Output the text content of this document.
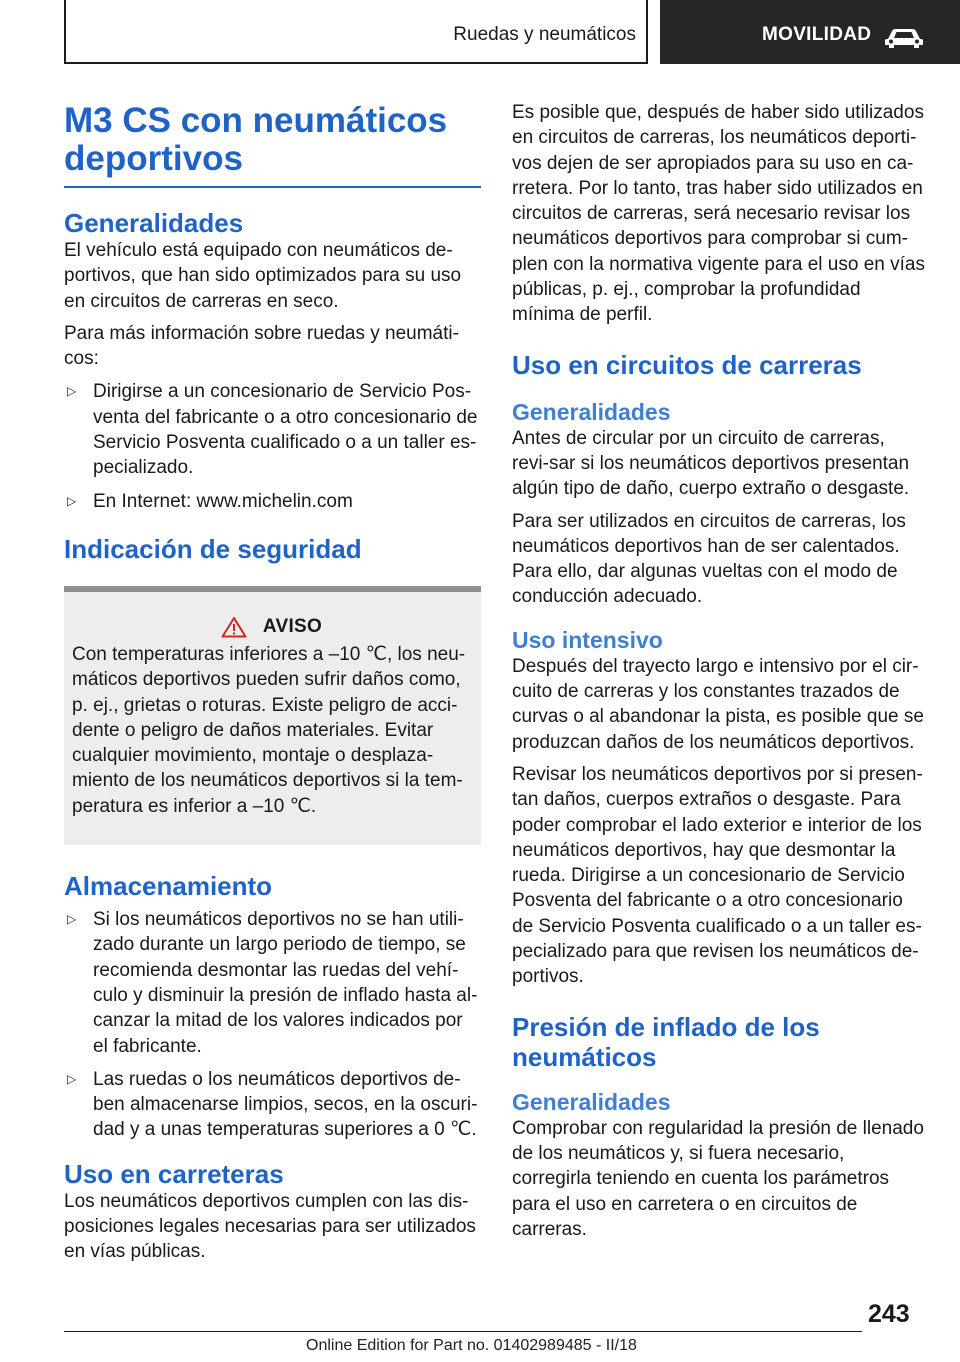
Ruedas y neumáticos	MOVILIDAD
M3 CS con neumáticos
deportivos
Generalidades

El vehículo está equipado con neumáticos de-portivos, que han sido optimizados para su uso en circuitos de carreras en seco.

Para más información sobre ruedas y neumáti-cos:

▷ Dirigirse a un concesionario de Servicio Pos-venta del fabricante o a otro concesionario de Servicio Posventa cualificado o a un taller es-pecializado.
▷ En Internet: www.michelin.com
Indicación de seguridad
AVISO

Con temperaturas inferiores a –10 ℃, los neu-máticos deportivos pueden sufrir daños como, p. ej., grietas o roturas. Existe peligro de acci-dente o peligro de daños materiales. Evitar cualquier movimiento, montaje o desplaza-miento de los neumáticos deportivos si la tem-peratura es inferior a –10 ℃.

Almacenamiento
▷ Si los neumáticos deportivos no se han utili-zado durante un largo periodo de tiempo, se recomienda desmontar las ruedas del vehí-culo y disminuir la presión de inflado hasta al-canzar la mitad de los valores indicados por el fabricante.
▷ Las ruedas o los neumáticos deportivos de-ben almacenarse limpios, secos, en la oscuri-dad y a unas temperaturas superiores a 0 ℃.
Uso en carreteras

Los neumáticos deportivos cumplen con las dis-posiciones legales necesarias para ser utilizados en vías públicas.

Es posible que, después de haber sido utilizados en circuitos de carreras, los neumáticos deporti-vos dejen de ser apropiados para su uso en ca-rretera. Por lo tanto, tras haber sido utilizados en circuitos de carreras, será necesario revisar los neumáticos deportivos para comprobar si cum-plen con la normativa vigente para el uso en vías públicas, p. ej., comprobar la profundidad mínima de perfil.

Uso en circuitos de carreras
Generalidades

Antes de circular por un circuito de carreras, revi-sar si los neumáticos deportivos presentan algún tipo de daño, cuerpo extraño o desgaste.

Para ser utilizados en circuitos de carreras, los neumáticos deportivos han de ser calentados. Para ello, dar algunas vueltas con el modo de conducción adecuado.

Uso intensivo

Después del trayecto largo e intensivo por el cir-cuito de carreras y los constantes trazados de curvas o al abandonar la pista, es posible que se produzcan daños de los neumáticos deportivos.

Revisar los neumáticos deportivos por si presen-tan daños, cuerpos extraños o desgaste. Para poder comprobar el lado exterior e interior de los neumáticos deportivos, hay que desmontar la rueda. Dirigirse a un concesionario de Servicio Posventa del fabricante o a otro concesionario de Servicio Posventa cualificado o a un taller es-pecializado para que revisen los neumáticos de-portivos.

Presión de inflado de los
neumáticos
Generalidades

Comprobar con regularidad la presión de llenado de los neumáticos y, si fuera necesario, corregirla teniendo en cuenta los parámetros para el uso en carretera o en circuitos de carreras.

243
Online Edition for Part no. 01402989485 - II/18
